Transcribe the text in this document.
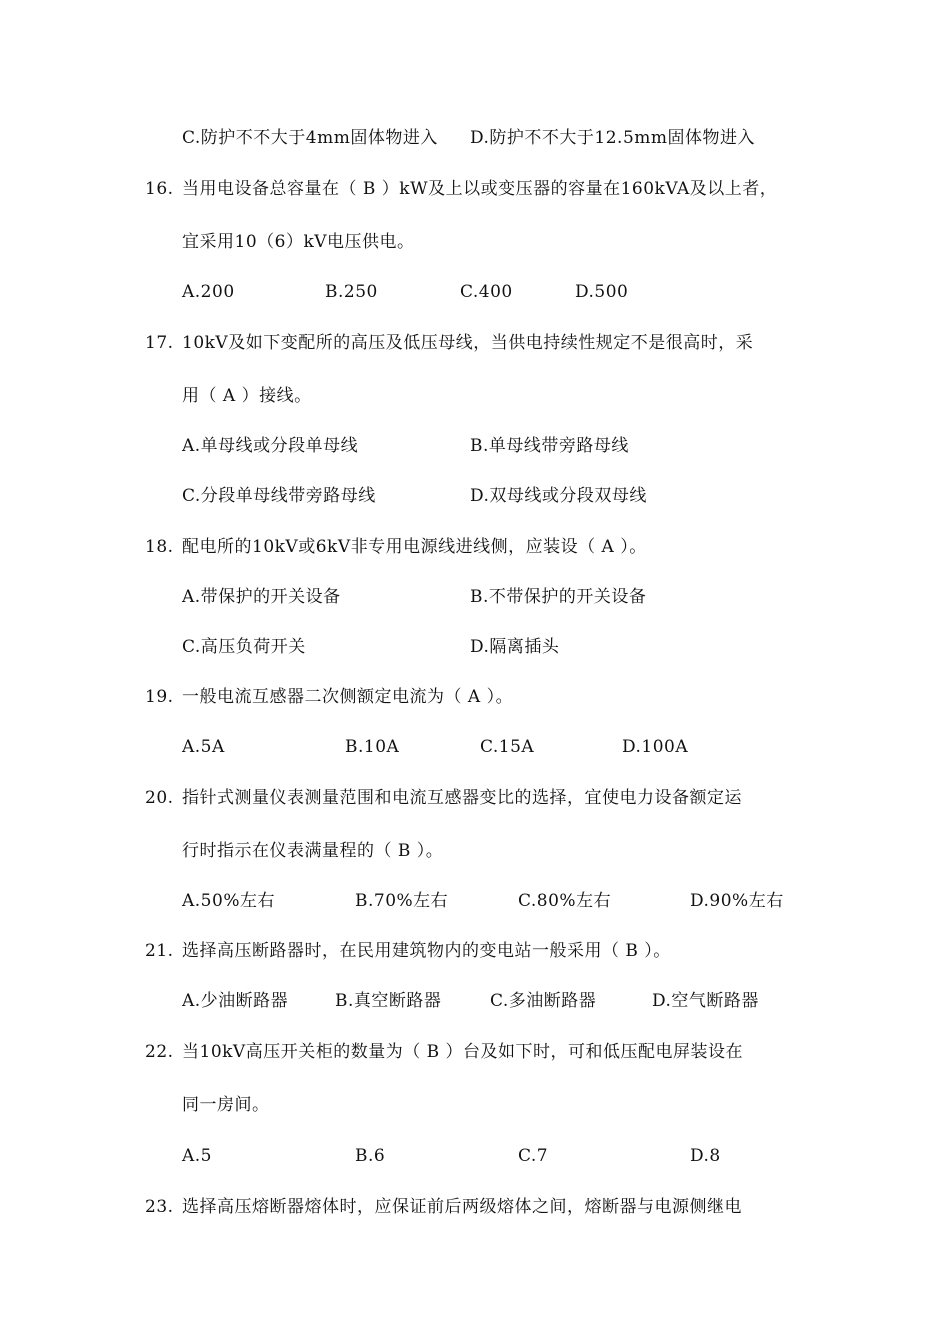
C.防护不不大于4mm固体物进入 D.防护不不大于12.5mm固体物进入
16. 当用电设备总容量在（ B ）kW及上以或变压器的容量在160kVA及以上者，
宜采用10（6）kV电压供电。
A.200	B.250	C.400	D.500
17. 10kV及如下变配所的高压及低压母线，当供电持续性规定不是很高时，采
用（ A ）接线。
A.单母线或分段单母线	B.单母线带旁路母线
C.分段单母线带旁路母线	D.双母线或分段双母线
18. 配电所的10kV或6kV非专用电源线进线侧，应装设（ A ）。
A.带保护的开关设备	B.不带保护的开关设备
C.高压负荷开关	D.隔离插头
19. 一般电流互感器二次侧额定电流为（ A ）。
A.5A	B.10A	C.15A	D.100A
20. 指针式测量仪表测量范围和电流互感器变比的选择，宜使电力设备额定运
行时指示在仪表满量程的（ B ）。
A.50%左右	B.70%左右	C.80%左右	D.90%左右
21. 选择高压断路器时，在民用建筑物内的变电站一般采用（ B ）。
A.少油断路器	B.真空断路器	C.多油断路器	D.空气断路器
22. 当10kV高压开关柜的数量为（ B ）台及如下时，可和低压配电屏装设在
同一房间。
A.5	B.6	C.7	D.8
23. 选择高压熔断器熔体时，应保证前后两级熔体之间，熔断器与电源侧继电
